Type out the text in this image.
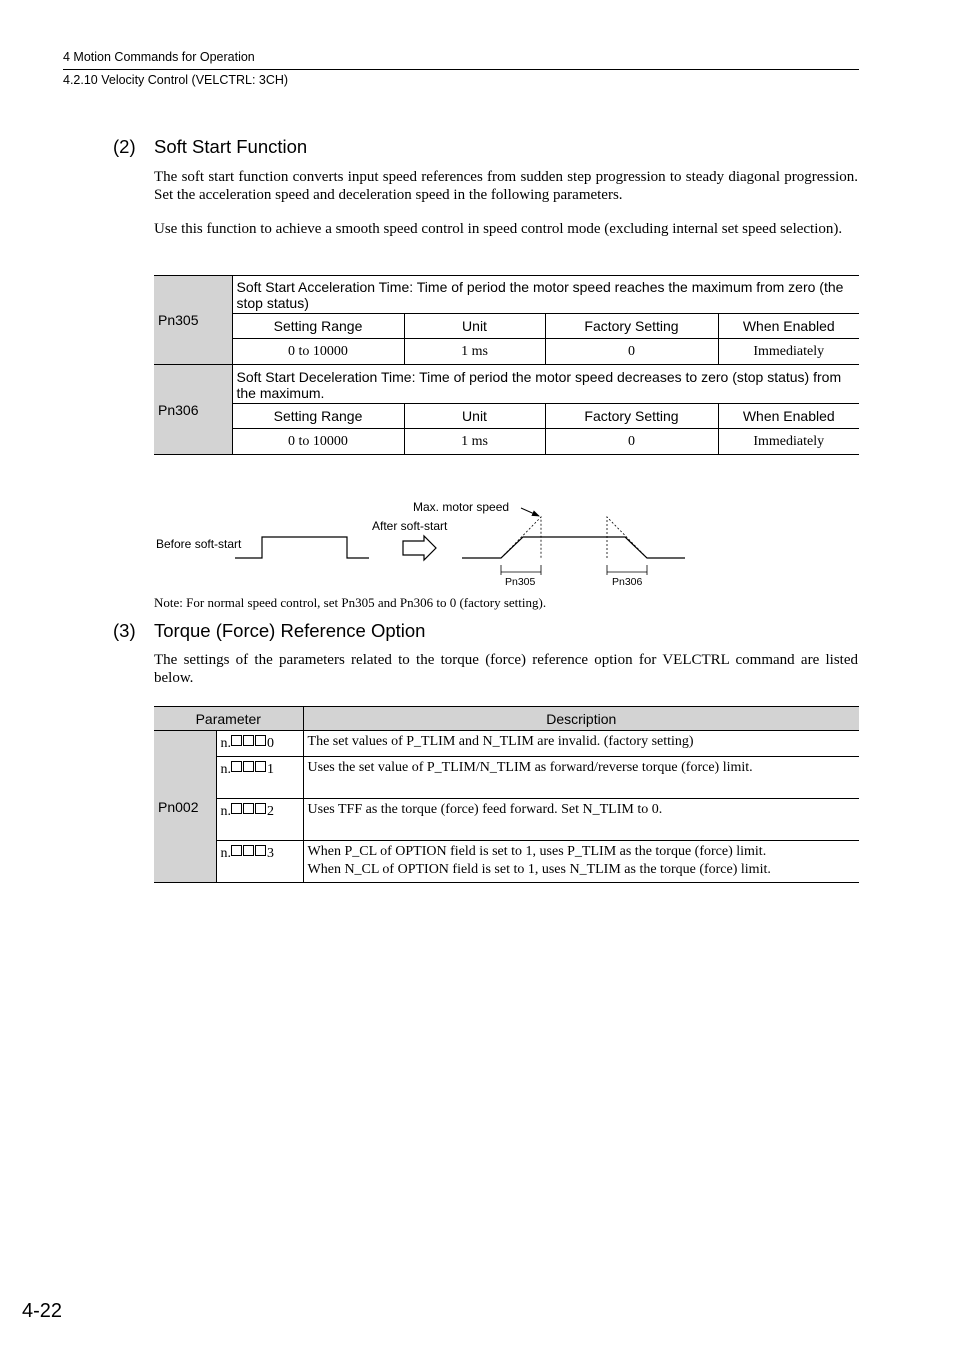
4 Motion Commands for Operation
4.2.10 Velocity Control (VELCTRL: 3CH)
(2) Soft Start Function
The soft start function converts input speed references from sudden step progression to steady diagonal progression. Set the acceleration speed and deceleration speed in the following parameters.
Use this function to achieve a smooth speed control in speed control mode (excluding internal set speed selection).
Pn305	Soft Start Acceleration Time: Time of period the motor speed reaches the maximum from zero (the stop status)			
	Setting Range	Unit	Factory Setting	When Enabled
	0 to 10000	1 ms	0	Immediately
Pn306	Soft Start Deceleration Time: Time of period the motor speed decreases to zero (stop status) from the maximum.			
	Setting Range	Unit	Factory Setting	When Enabled
	0 to 10000	1 ms	0	Immediately
Before soft-start
After soft-start
Max. motor speed
Pn305	Pn306
Note: For normal speed control, set Pn305 and Pn306 to 0 (factory setting).
(3) Torque (Force) Reference Option
The settings of the parameters related to the torque (force) reference option for VELCTRL command are listed below.
Parameter		Description
Pn002	n. 0	The set values of P_TLIM and N_TLIM are invalid. (factory setting)
	n. 1	Uses the set value of P_TLIM/N_TLIM as forward/reverse torque (force) limit.
	n. 2	Uses TFF as the torque (force) feed forward. Set N_TLIM to 0.
	n. 3	When P_CL of OPTION field is set to 1, uses P_TLIM as the torque (force) limit.
When N_CL of OPTION field is set to 1, uses N_TLIM as the torque (force) limit.
4-22
